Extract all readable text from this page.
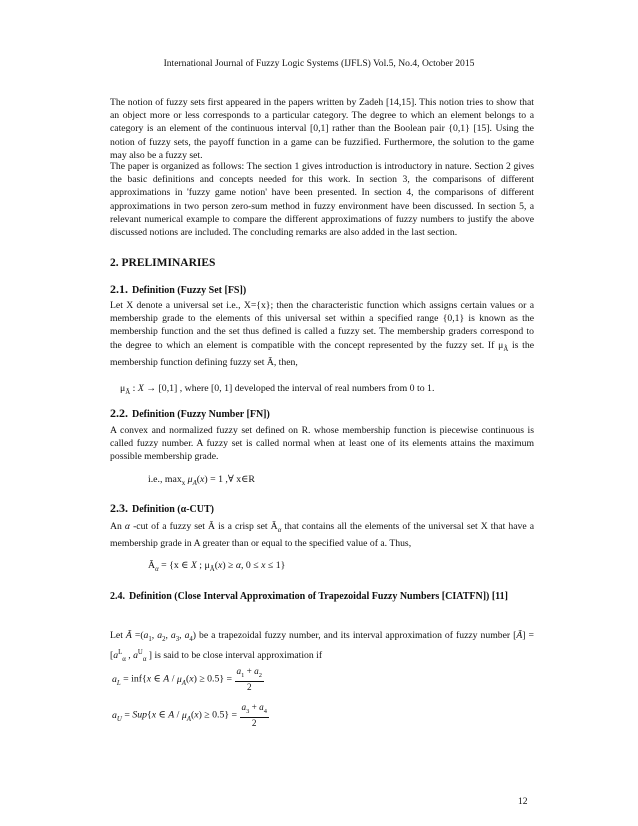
International Journal of Fuzzy Logic Systems (IJFLS) Vol.5, No.4, October 2015

The notion of fuzzy sets first appeared in the papers written by Zadeh [14,15]. This notion tries to show that an object more or less corresponds to a particular category. The degree to which an element belongs to a category is an element of the continuous interval [0,1] rather than the Boolean pair {0,1} [15]. Using the notion of fuzzy sets, the payoff function in a game can be fuzzified. Furthermore, the solution to the game may also be a fuzzy set.

The paper is organized as follows: The section 1 gives introduction is introductory in nature. Section 2 gives the basic definitions and concepts needed for this work. In section 3, the comparisons of different approximations in 'fuzzy game notion' have been presented. In section 4, the comparisons of different approximations in two person zero-sum method in fuzzy environment have been discussed. In section 5, a relevant numerical example to compare the different approximations of fuzzy numbers to justify the above discussed notions are included. The concluding remarks are also added in the last section.

2. PRELIMINARIES
2.1. Definition (Fuzzy Set [FS])

Let X denote a universal set i.e., X={x}; then the characteristic function which assigns certain values or a membership grade to the elements of this universal set within a specified range {0,1} is known as the membership function and the set thus defined is called a fuzzy set. The membership graders correspond to the degree to which an element is compatible with the concept represented by the fuzzy set. If $\mu_Ã$ is the membership function defining fuzzy set Ã, then,

$\mu_Ã$ : X → [0,1] , where [0, 1] developed the interval of real numbers from 0 to 1.
2.2. Definition (Fuzzy Number [FN])

A convex and normalized fuzzy set defined on R. whose membership function is piecewise continuous is called fuzzy number. A fuzzy set is called normal when at least one of its elements attains the maximum possible membership grade.

i.e., $\max_x \mu_A(x) = 1$ ,∀ x∈R
2.3. Definition (α-CUT)

An α -cut of a fuzzy set Ã is a crisp set $Ã_\alpha$ that contains all the elements of the universal set X that have a membership grade in A greater than or equal to the specified value of a. Thus,

$Ã_\alpha = \{x$ ∈ X ; $\mu_Ã(x) \ge \alpha$, 0 ≤ x ≤ 1}
2.4. Definition (Close Interval Approximation of Trapezoidal Fuzzy Numbers [CIATFN]) [11]

Let Ã $=(a_1$, $a_2$, $a_3$, $a_4$) be a trapezoidal fuzzy number, and its interval approximation of fuzzy number [Ã] = [$a^L_\alpha$ , $a^U_\alpha$ ] is said to be close interval approximation if

$a_L = inf\{x$ ∈ $A / \mu_A(x) \ge 0.5\} = \frac{a_1 + a_2}{2}$
$a_U = Sup\{x$ ∈ $A / \mu_A(x) \ge 0.5\} = \frac{a_3 + a_4}{2}$
12
